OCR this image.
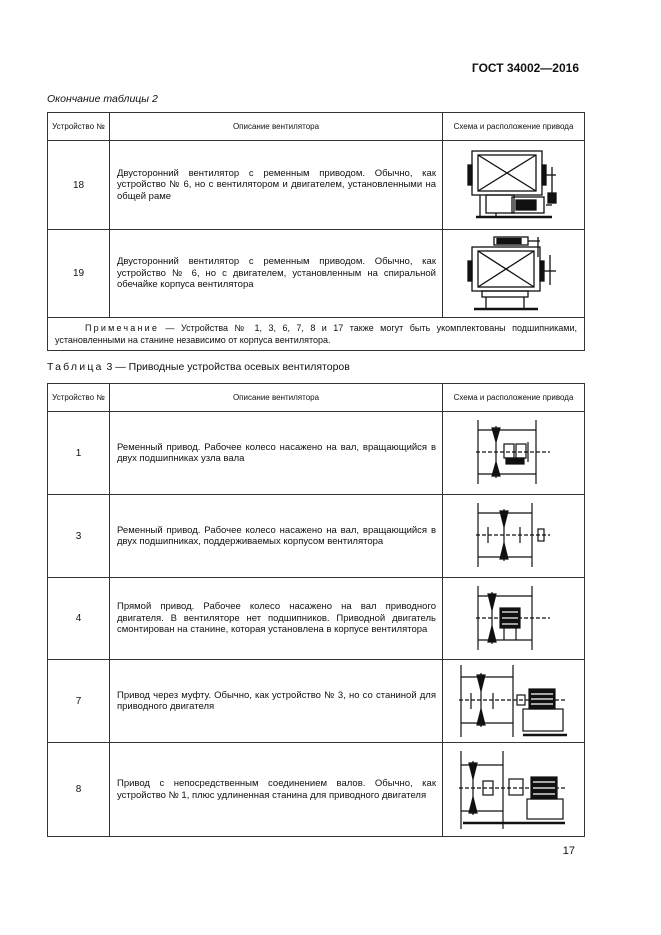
ГОСТ 34002—2016
Окончание таблицы 2
Устройство №	Описание вентилятора	Схема и расположение привода
18	Двусторонний вентилятор с ременным приводом. Обычно, как устройство № 6, но с вентилятором и двигателем, установленными на общей раме	

19	Двусторонний вентилятор с ременным приводом. Обычно, как устройство № 6, но с двигателем, установленным на спиральной обечайке корпуса вентилятора	

Примечание — Устройства № 1, 3, 6, 7, 8 и 17 также могут быть укомплектованы подшипниками, установленными на станине независимо от корпуса вентилятора.		
Таблица 3 — Приводные устройства осевых вентиляторов
Устройство №	Описание вентилятора	Схема и расположение привода
1	Ременный привод. Рабочее колесо насажено на вал, вращающийся в двух подшипниках узла вала	

3	Ременный привод. Рабочее колесо насажено на вал, вращающийся в двух подшипниках, поддерживаемых корпусом вентилятора	

4	Прямой привод. Рабочее колесо насажено на вал приводного двигателя. В вентиляторе нет подшипников. Приводной двигатель смонтирован на станине, которая установлена в корпусе вентилятора	

7	Привод через муфту. Обычно, как устройство № 3, но со станиной для приводного двигателя	

8	Привод с непосредственным соединением валов. Обычно, как устройство № 1, плюс удлиненная станина для приводного двигателя	
17
